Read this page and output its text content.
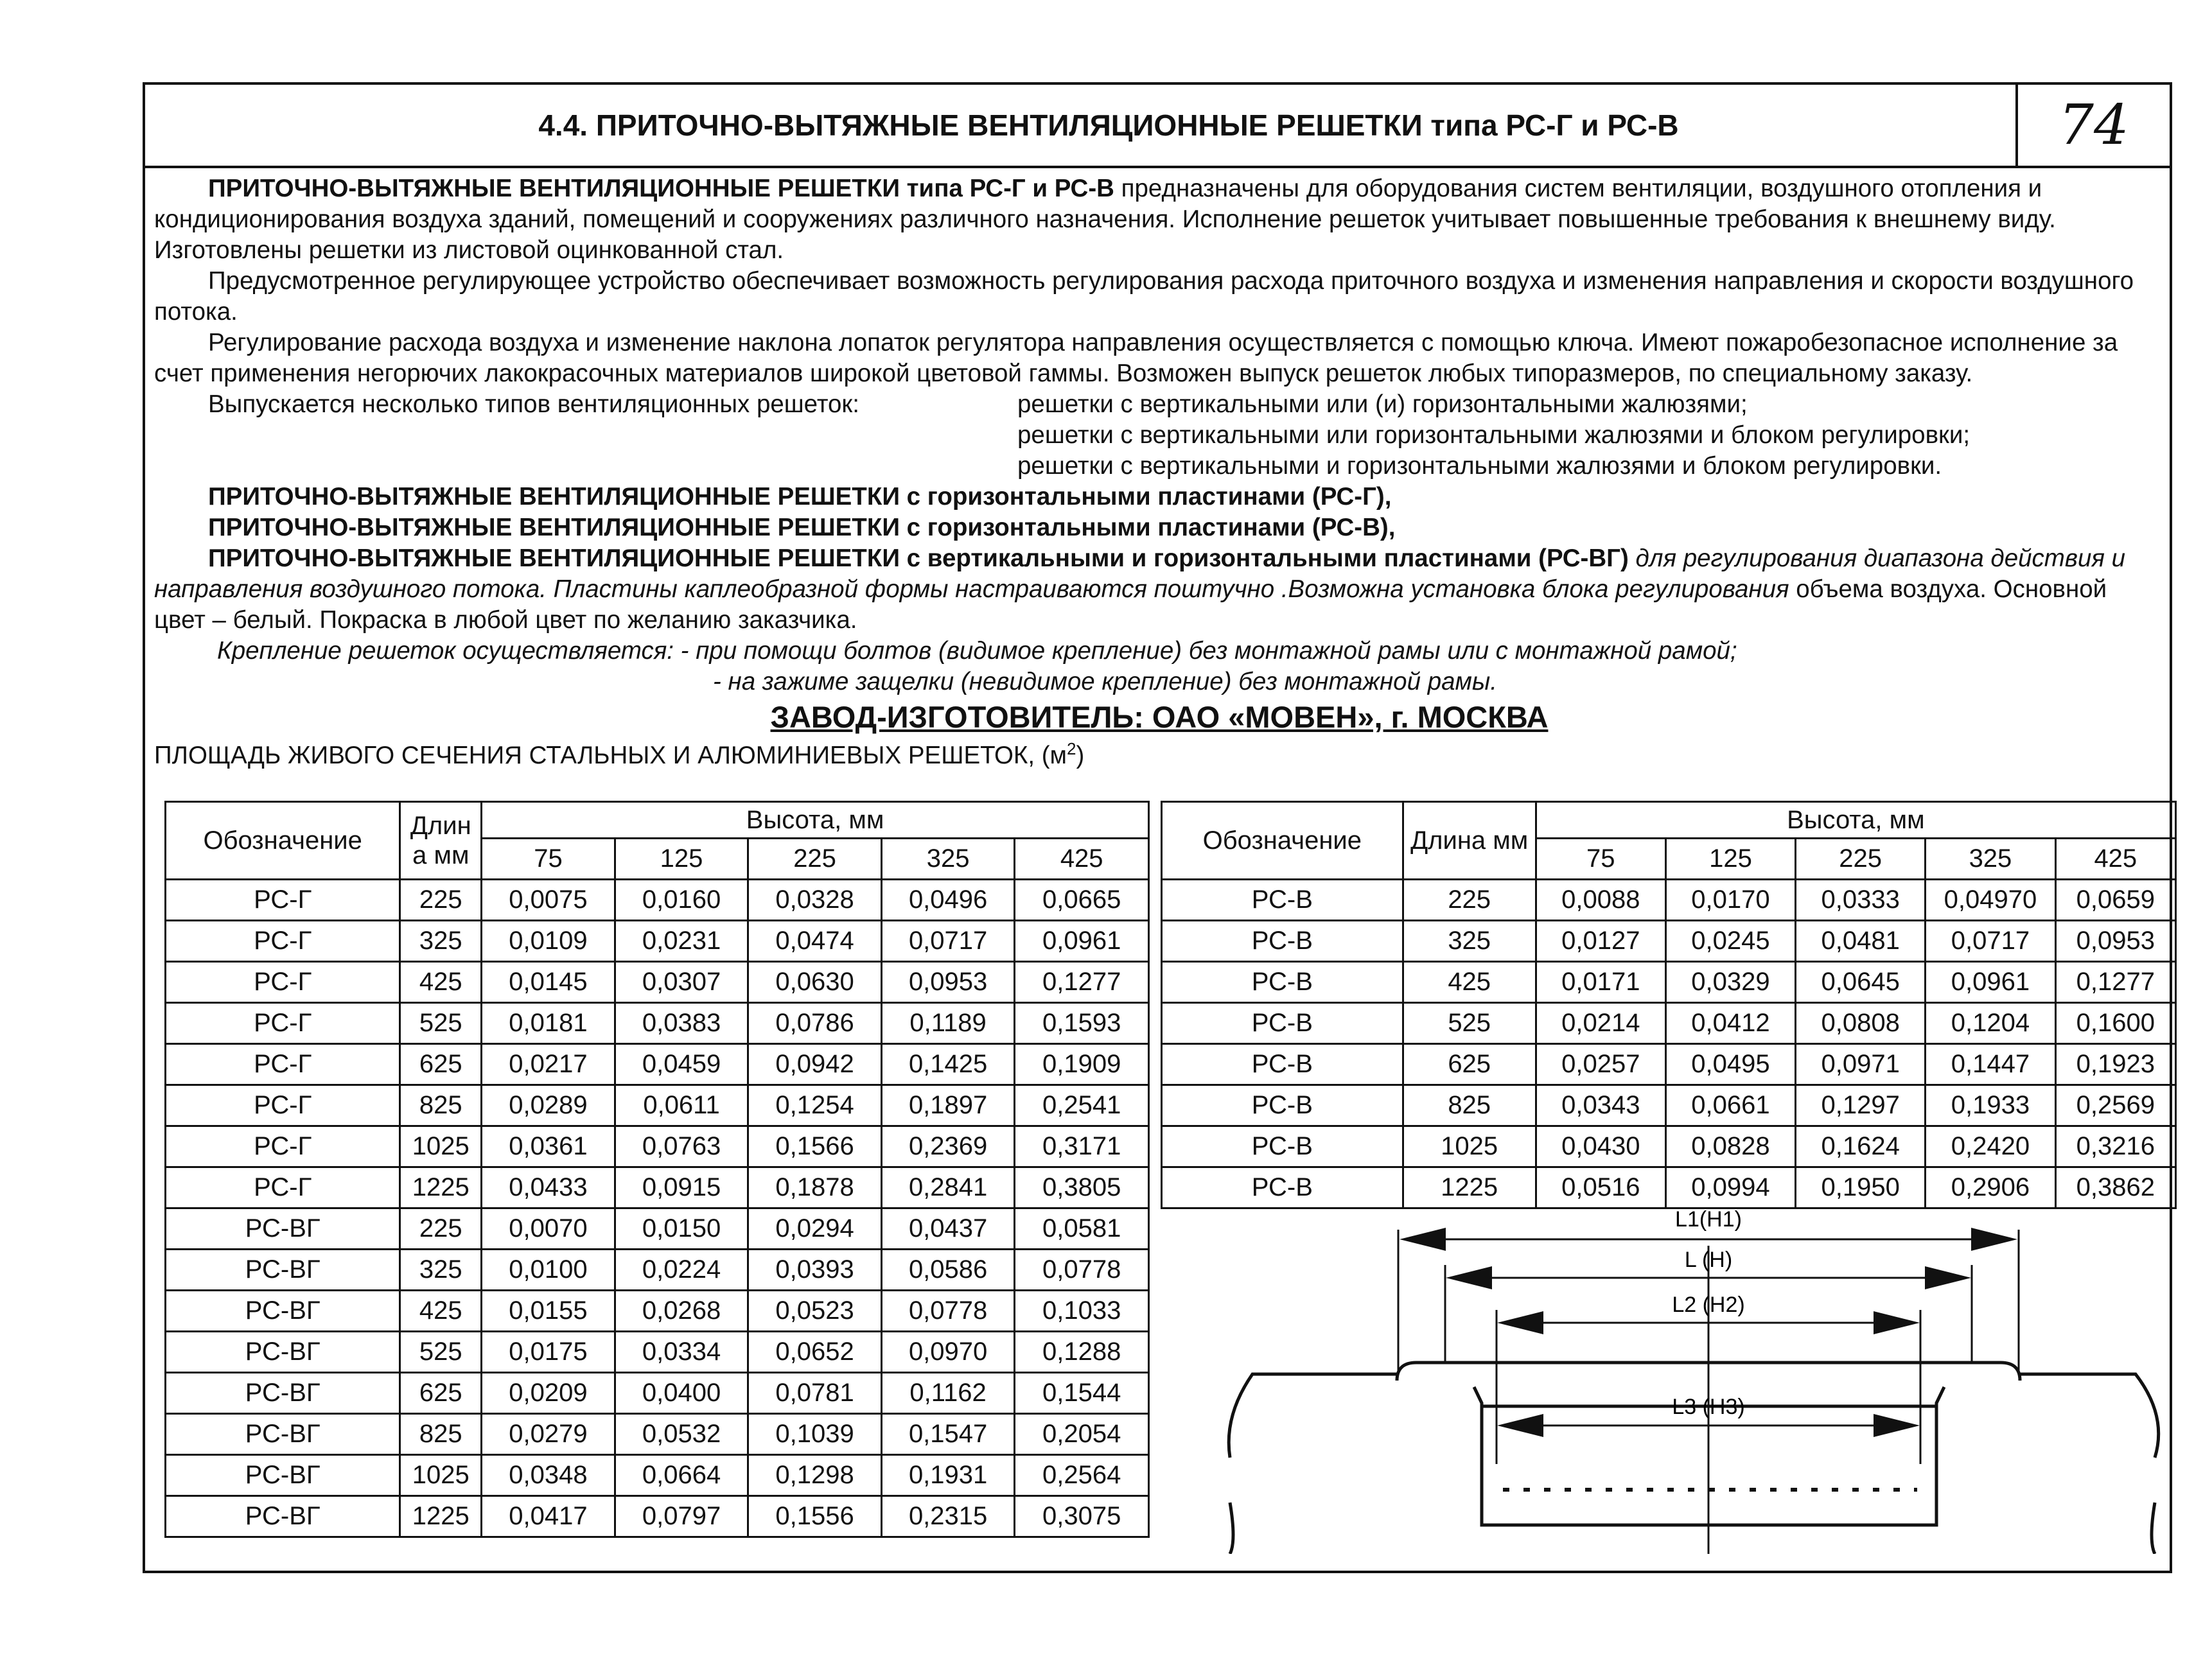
4.4. ПРИТОЧНО-ВЫТЯЖНЫЕ ВЕНТИЛЯЦИОННЫЕ РЕШЕТКИ типа РС-Г и РС-В	74

ПРИТОЧНО-ВЫТЯЖНЫЕ ВЕНТИЛЯЦИОННЫЕ РЕШЕТКИ типа РС-Г и РС-В предназначены для оборудования систем вентиляции, воздушного отопления и кондиционирования воздуха зданий, помещений и сооружениях различного назначения. Исполнение решеток учитывает повышенные требования к внешнему виду. Изготовлены решетки из листовой оцинкованной стал.

Предусмотренное регулирующее устройство обеспечивает возможность регулирования расхода приточного воздуха и изменения направления и скорости воздушного потока.

Регулирование расхода воздуха и изменение наклона лопаток регулятора направления осуществляется с помощью ключа. Имеют пожаробезопасное исполнение за счет применения негорючих лакокрасочных материалов широкой цветовой гаммы. Возможен выпуск решеток любых типоразмеров, по специальному заказу.

Выпускается несколько типов вентиляционных решеток:	решетки с вертикальными или (и) горизонтальными жалюзями;
решетки с вертикальными или горизонтальными жалюзями и блоком регулировки;
решетки с вертикальными и горизонтальными жалюзями и блоком регулировки.

ПРИТОЧНО-ВЫТЯЖНЫЕ ВЕНТИЛЯЦИОННЫЕ РЕШЕТКИ с горизонтальными пластинами (РС-Г),

ПРИТОЧНО-ВЫТЯЖНЫЕ ВЕНТИЛЯЦИОННЫЕ РЕШЕТКИ с горизонтальными пластинами (РС-В),

ПРИТОЧНО-ВЫТЯЖНЫЕ ВЕНТИЛЯЦИОННЫЕ РЕШЕТКИ с вертикальными и горизонтальными пластинами (РС-ВГ) для регулирования диапазона действия и направления воздушного потока. Пластины каплеобразной формы настраиваются поштучно .Возможна установка блока регулирования объема воздуха. Основной цвет – белый. Покраска в любой цвет по желанию заказчика.

Крепление решеток осуществляется: - при помощи болтов (видимое крепление) без монтажной рамы или с монтажной рамой;

- на зажиме защелки (невидимое крепление) без монтажной рамы.

ЗАВОД-ИЗГОТОВИТЕЛЬ: ОАО «МОВЕН», г. МОСКВА
ПЛОЩАДЬ ЖИВОГО СЕЧЕНИЯ СТАЛЬНЫХ И АЛЮМИНИЕВЫХ РЕШЕТОК, $(м^2)$
Обозначение	Длин а мм	Высота, мм				
		75	125	225	325	425
РС-Г	225	0,0075	0,0160	0,0328	0,0496	0,0665
РС-Г	325	0,0109	0,0231	0,0474	0,0717	0,0961
РС-Г	425	0,0145	0,0307	0,0630	0,0953	0,1277
РС-Г	525	0,0181	0,0383	0,0786	0,1189	0,1593
РС-Г	625	0,0217	0,0459	0,0942	0,1425	0,1909
РС-Г	825	0,0289	0,0611	0,1254	0,1897	0,2541
РС-Г	1025	0,0361	0,0763	0,1566	0,2369	0,3171
РС-Г	1225	0,0433	0,0915	0,1878	0,2841	0,3805
РС-ВГ	225	0,0070	0,0150	0,0294	0,0437	0,0581
РС-ВГ	325	0,0100	0,0224	0,0393	0,0586	0,0778
РС-ВГ	425	0,0155	0,0268	0,0523	0,0778	0,1033
РС-ВГ	525	0,0175	0,0334	0,0652	0,0970	0,1288
РС-ВГ	625	0,0209	0,0400	0,0781	0,1162	0,1544
РС-ВГ	825	0,0279	0,0532	0,1039	0,1547	0,2054
РС-ВГ	1025	0,0348	0,0664	0,1298	0,1931	0,2564
РС-ВГ	1225	0,0417	0,0797	0,1556	0,2315	0,3075
Обозначение	Длина мм	Высота, мм				
		75	125	225	325	425
РС-В	225	0,0088	0,0170	0,0333	0,04970	0,0659
РС-В	325	0,0127	0,0245	0,0481	0,0717	0,0953
РС-В	425	0,0171	0,0329	0,0645	0,0961	0,1277
РС-В	525	0,0214	0,0412	0,0808	0,1204	0,1600
РС-В	625	0,0257	0,0495	0,0971	0,1447	0,1923
РС-В	825	0,0343	0,0661	0,1297	0,1933	0,2569
РС-В	1025	0,0430	0,0828	0,1624	0,2420	0,3216
РС-В	1225	0,0516	0,0994	0,1950	0,2906	0,3862
L1(H1)
L (H)
L2 (H2)
L3 (H3)
